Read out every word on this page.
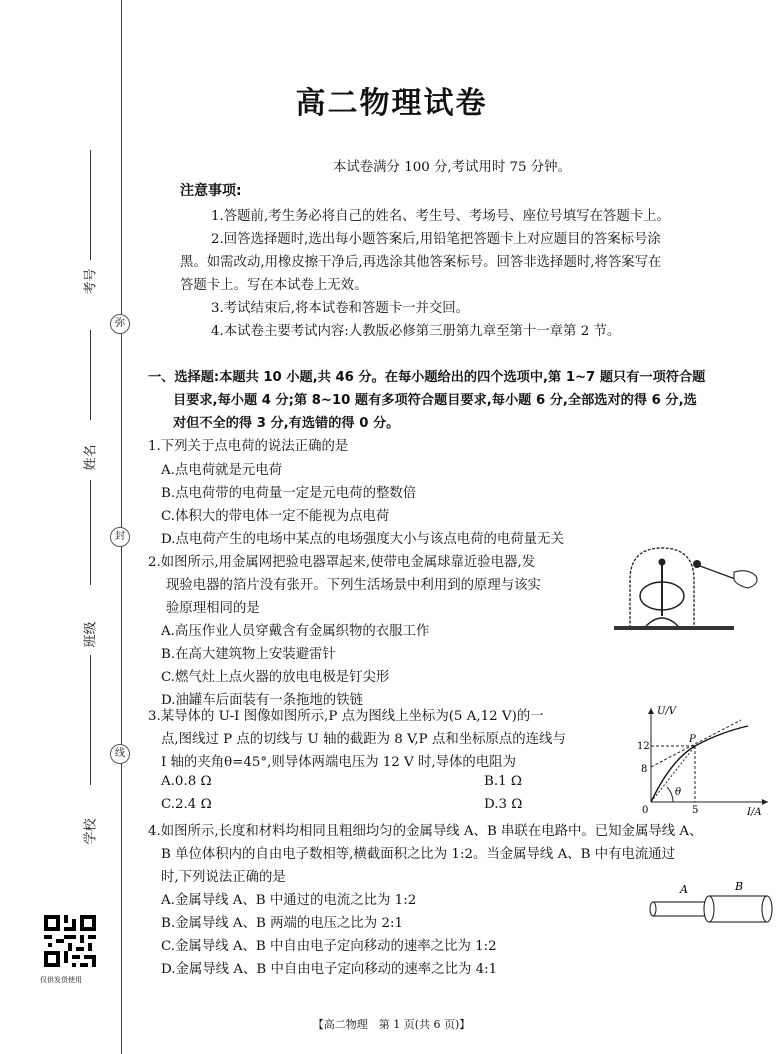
考号
姓名
班级
学校
弥
封
线
仅供发货使用
高二物理试卷
本试卷满分 100 分,考试用时 75 分钟。
注意事项:
1.答题前,考生务必将自己的姓名、考生号、考场号、座位号填写在答题卡上。
2.回答选择题时,选出每小题答案后,用铅笔把答题卡上对应题目的答案标号涂
黑。如需改动,用橡皮擦干净后,再选涂其他答案标号。回答非选择题时,将答案写在
答题卡上。写在本试卷上无效。
3.考试结束后,将本试卷和答题卡一并交回。
4.本试卷主要考试内容:人教版必修第三册第九章至第十一章第 2 节。
一、选择题:本题共 10 小题,共 46 分。在每小题给出的四个选项中,第 1~7 题只有一项符合题
目要求,每小题 4 分;第 8~10 题有多项符合题目要求,每小题 6 分,全部选对的得 6 分,选
对但不全的得 3 分,有选错的得 0 分。
1.下列关于点电荷的说法正确的是
A.点电荷就是元电荷
B.点电荷带的电荷量一定是元电荷的整数倍
C.体积大的带电体一定不能视为点电荷
D.点电荷产生的电场中某点的电场强度大小与该点电荷的电荷量无关
2.如图所示,用金属网把验电器罩起来,使带电金属球靠近验电器,发
现验电器的箔片没有张开。下列生活场景中利用到的原理与该实
验原理相同的是
A.高压作业人员穿戴含有金属织物的衣服工作
B.在高大建筑物上安装避雷针
C.燃气灶上点火器的放电电极是钉尖形
D.油罐车后面装有一条拖地的铁链
3.某导体的 U-I 图像如图所示,P 点为图线上坐标为(5 A,12 V)的一
点,图线过 P 点的切线与 U 轴的截距为 8 V,P 点和坐标原点的连线与
I 轴的夹角θ=45°,则导体两端电压为 12 V 时,导体的电阻为
A.0.8 Ω	B.1 Ω
C.2.4 Ω	D.3 Ω
U/V
I/A
12
8
5
0
P
θ
4.如图所示,长度和材料均相同且粗细均匀的金属导线 A、B 串联在电路中。已知金属导线 A、
B 单位体积内的自由电子数相等,横截面积之比为 1:2。当金属导线 A、B 中有电流通过
时,下列说法正确的是
A.金属导线 A、B 中通过的电流之比为 1:2
B.金属导线 A、B 两端的电压之比为 2:1
C.金属导线 A、B 中自由电子定向移动的速率之比为 1:2
D.金属导线 A、B 中自由电子定向移动的速率之比为 4:1
A	B
【高二物理　第 1 页(共 6 页)】
